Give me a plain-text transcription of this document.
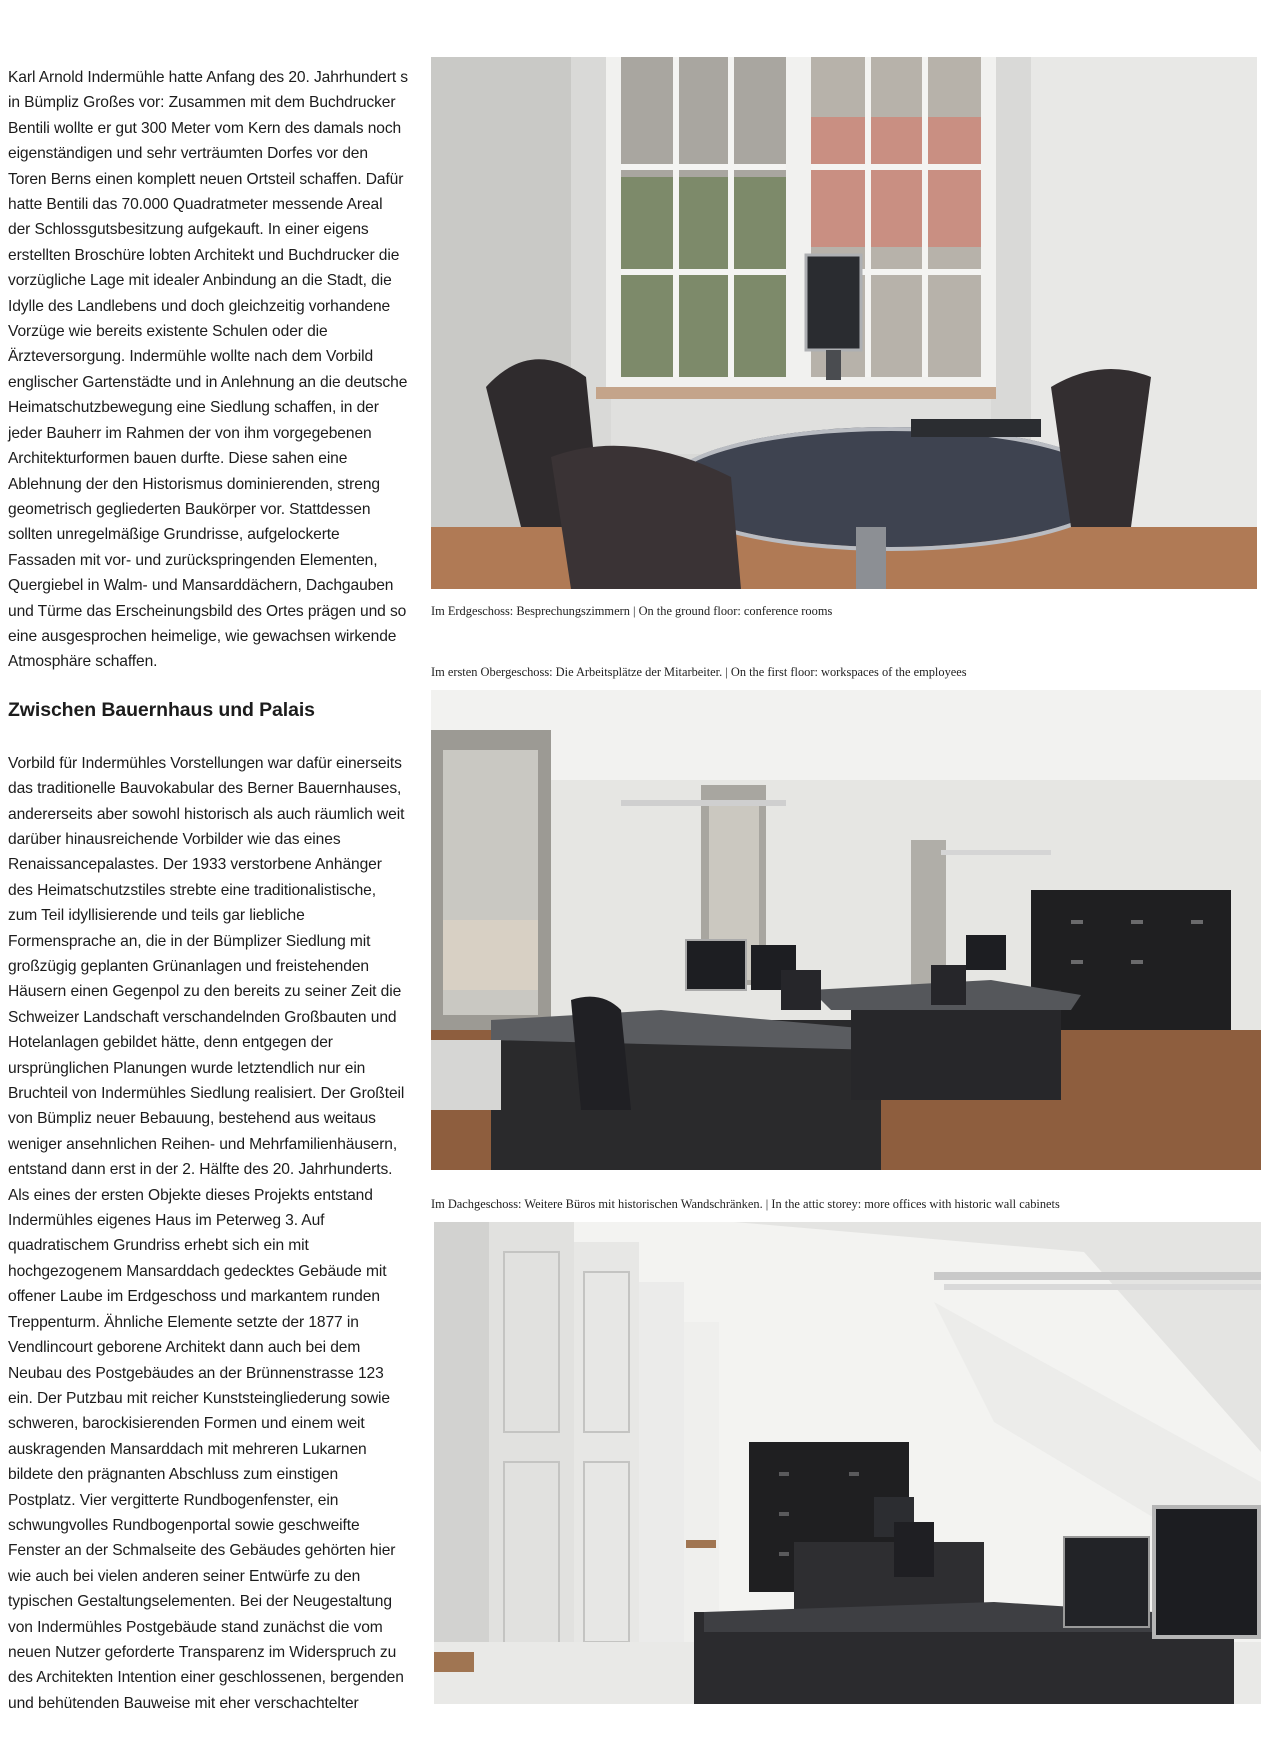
Karl Arnold Indermühle hatte Anfang des 20. Jahrhundert s in Bümpliz Großes vor: Zusammen mit dem Buchdrucker Bentili wollte er gut 300 Meter vom Kern des damals noch eigenständigen und sehr verträumten Dorfes vor den Toren Berns einen komplett neuen Ortsteil schaffen. Dafür hatte Bentili das 70.000 Quadratmeter messende Areal der Schlossgutsbesitzung aufgekauft. In einer eigens erstellten Broschüre lobten Architekt und Buchdrucker die vorzügliche Lage mit idealer Anbindung an die Stadt, die Idylle des Landlebens und doch gleichzeitig vorhandene Vorzüge wie bereits existente Schulen oder die Ärzteversorgung. Indermühle wollte nach dem Vorbild englischer Gartenstädte und in Anlehnung an die deutsche Heimatschutzbewegung eine Siedlung schaffen, in der jeder Bauherr im Rahmen der von ihm vorgegebenen Architekturformen bauen durfte. Diese sahen eine Ablehnung der den Historismus dominierenden, streng geometrisch gegliederten Baukörper vor. Stattdessen sollten unregelmäßige Grundrisse, aufgelockerte Fassaden mit vor- und zurückspringenden Elementen, Quergiebel in Walm- und Mansarddächern, Dachgauben und Türme das Erscheinungsbild des Ortes prägen und so eine ausgesprochen heimelige, wie gewachsen wirkende Atmosphäre schaffen.

Zwischen Bauernhaus und Palais

Vorbild für Indermühles Vorstellungen war dafür einerseits das traditionelle Bauvokabular des Berner Bauernhauses, andererseits aber sowohl historisch als auch räumlich weit darüber hinausreichende Vorbilder wie das eines Renaissancepalastes. Der 1933 verstorbene Anhänger des Heimatschutzstiles strebte eine traditionalistische, zum Teil idyllisierende und teils gar liebliche Formensprache an, die in der Bümplizer Siedlung mit großzügig geplanten Grünanlagen und freistehenden Häusern einen Gegenpol zu den bereits zu seiner Zeit die Schweizer Landschaft verschandelnden Großbauten und Hotelanlagen gebildet hätte, denn entgegen der ursprünglichen Planungen wurde letztendlich nur ein Bruchteil von Indermühles Siedlung realisiert. Der Großteil von Bümpliz neuer Bebauung, bestehend aus weitaus weniger ansehnlichen Reihen- und Mehrfamilienhäusern, entstand dann erst in der 2. Hälfte des 20. Jahrhunderts. Als eines der ersten Objekte dieses Projekts entstand Indermühles eigenes Haus im Peterweg 3. Auf quadratischem Grundriss erhebt sich ein mit hochgezogenem Mansarddach gedecktes Gebäude mit offener Laube im Erdgeschoss und markantem runden Treppenturm. Ähnliche Elemente setzte der 1877 in Vendlincourt geborene Architekt dann auch bei dem Neubau des Postgebäudes an der Brünnenstrasse 123 ein. Der Putzbau mit reicher Kunststeingliederung sowie schweren, barockisierenden Formen und einem weit auskragenden Mansarddach mit mehreren Lukarnen bildete den prägnanten Abschluss zum einstigen Postplatz. Vier vergitterte Rundbogenfenster, ein schwungvolles Rundbogenportal sowie geschweifte Fenster an der Schmalseite des Gebäudes gehörten hier wie auch bei vielen anderen seiner Entwürfe zu den typischen Gestaltungselementen. Bei der Neugestaltung von Indermühles Postgebäude stand zunächst die vom neuen Nutzer geforderte Transparenz im Widerspruch zu des Architekten Intention einer geschlossenen, bergenden und behütenden Bauweise mit eher verschachtelter

Im Erdgeschoss: Besprechungszimmern | On the ground floor: conference rooms
Im ersten Obergeschoss: Die Arbeitsplätze der Mitarbeiter. | On the first floor: workspaces of the employees
Im Dachgeschoss: Weitere Büros mit historischen Wandschränken. | In the attic storey: more offices with historic wall cabinets
